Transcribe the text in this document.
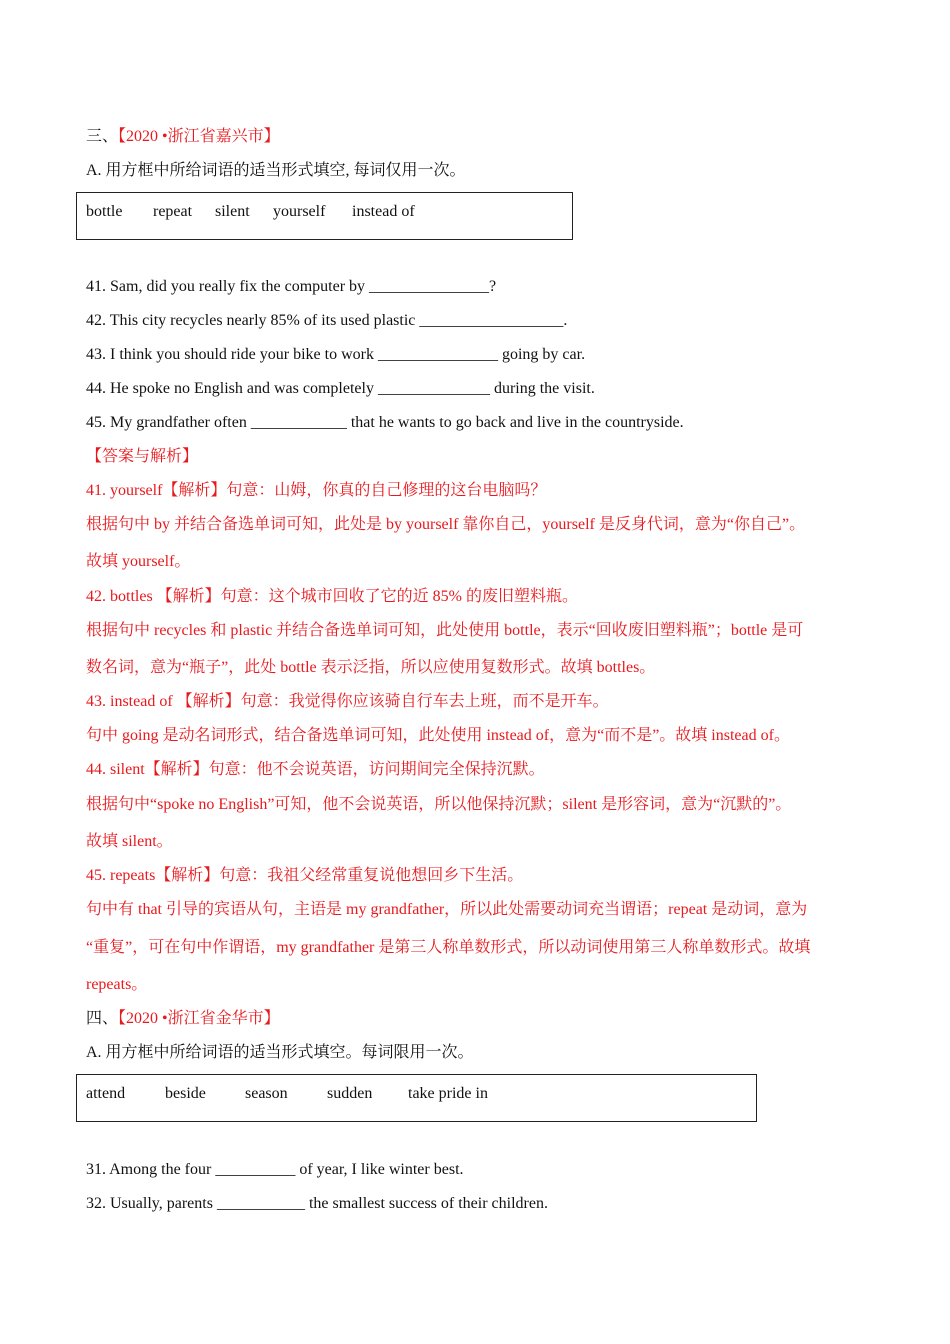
三、【2020 •浙江省嘉兴市】
A. 用方框中所给词语的适当形式填空, 每词仅用一次。
bottle repeat silent yourself instead of
41. Sam, did you really fix the computer by _______________?
42. This city recycles nearly 85% of its used plastic __________________.
43. I think you should ride your bike to work _______________ going by car.
44. He spoke no English and was completely ______________ during the visit.
45. My grandfather often ____________ that he wants to go back and live in the countryside.
【答案与解析】
41. yourself【解析】句意：山姆，你真的自己修理的这台电脑吗？
根据句中 by 并结合备选单词可知，此处是 by yourself 靠你自己，yourself 是反身代词，意为“你自己”。
故填 yourself。
42. bottles 【解析】句意：这个城市回收了它的近 85% 的废旧塑料瓶。
根据句中 recycles 和 plastic 并结合备选单词可知，此处使用 bottle，表示“回收废旧塑料瓶”；bottle 是可
数名词，意为“瓶子”，此处 bottle 表示泛指，所以应使用复数形式。故填 bottles。
43. instead of 【解析】句意：我觉得你应该骑自行车去上班，而不是开车。
句中 going 是动名词形式，结合备选单词可知，此处使用 instead of，意为“而不是”。故填 instead of。
44. silent【解析】句意：他不会说英语，访问期间完全保持沉默。
根据句中“spoke no English”可知，他不会说英语，所以他保持沉默；silent 是形容词，意为“沉默的”。
故填 silent。
45. repeats【解析】句意：我祖父经常重复说他想回乡下生活。
句中有 that 引导的宾语从句，主语是 my grandfather，所以此处需要动词充当谓语；repeat 是动词，意为
“重复”，可在句中作谓语，my grandfather 是第三人称单数形式，所以动词使用第三人称单数形式。故填
repeats。
四、【2020 •浙江省金华市】
A. 用方框中所给词语的适当形式填空。每词限用一次。
attend beside season sudden take pride in
31. Among the four __________ of year, I like winter best.
32. Usually, parents ___________ the smallest success of their children.
